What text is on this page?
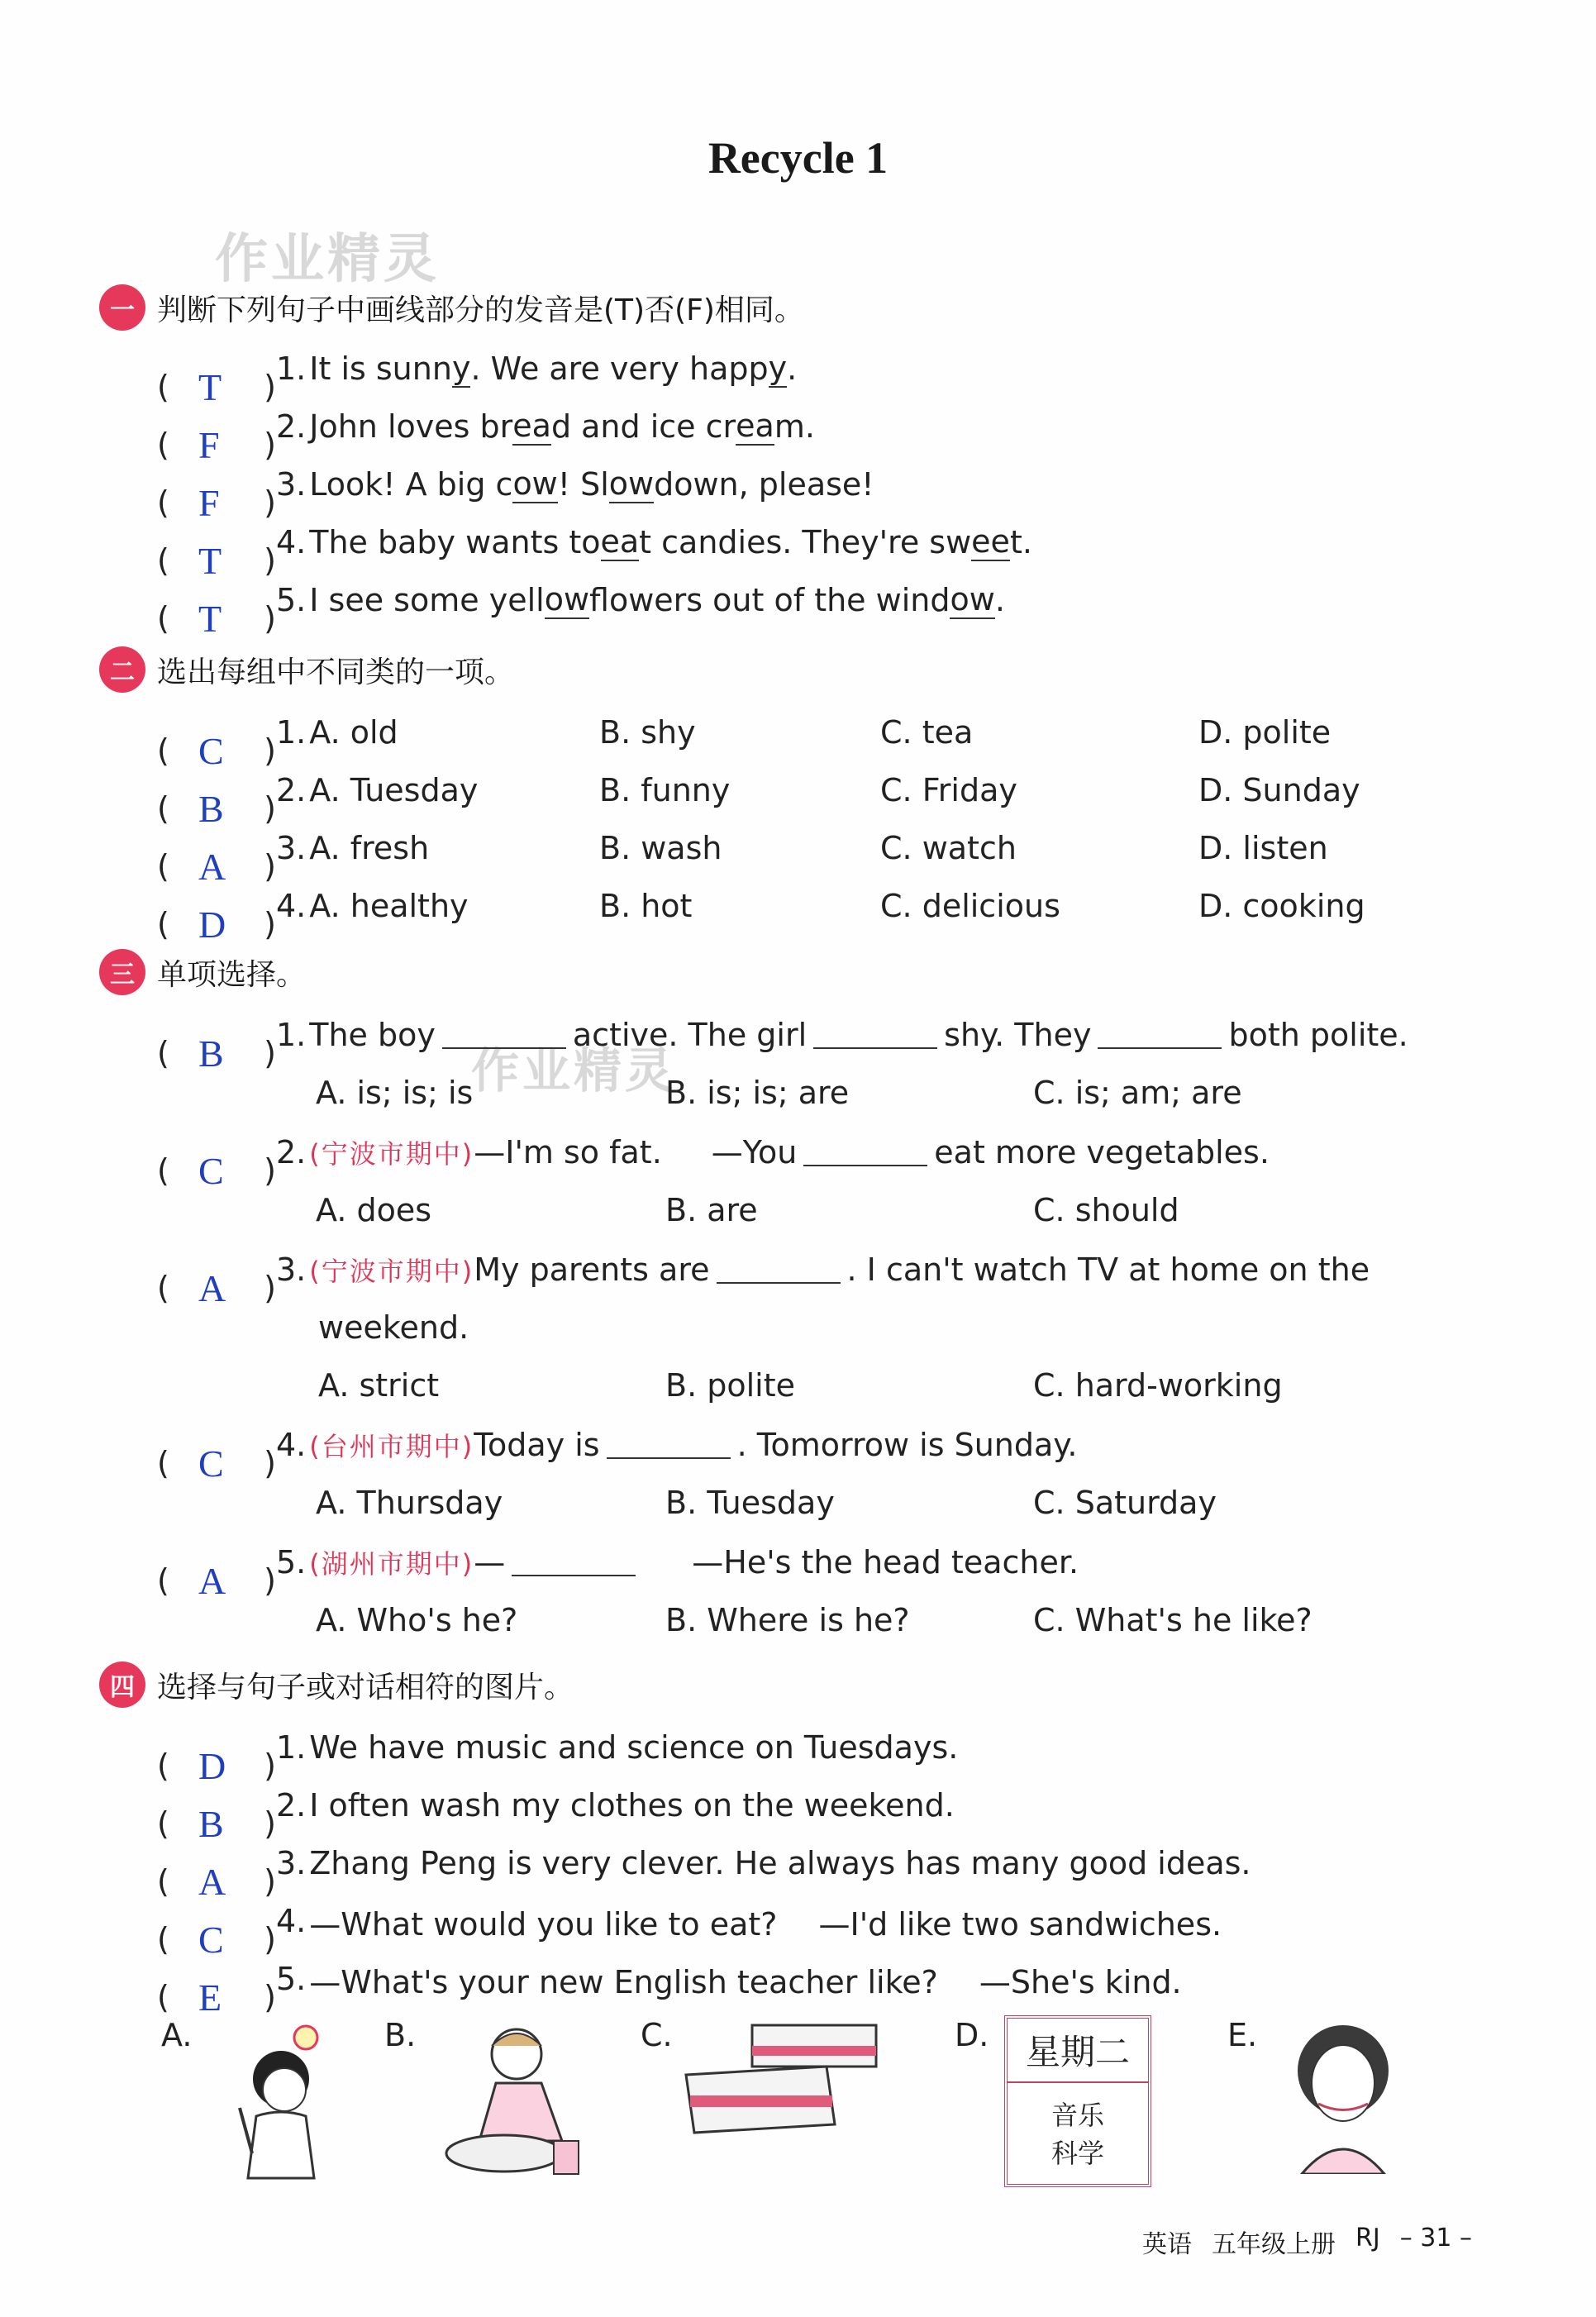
Recycle 1
作业精灵
作业精灵
一 判断下列句子中画线部分的发音是(T)否(F)相同。
( T ) 1. It is sunn y . We are very happ y .
( F ) 2. John loves br ea d and ice cr ea m.
( F ) 3. Look! A big c ow ! Sl ow down, please!
( T ) 4. The baby wants to ea t candies. They're sw ee t.
( T ) 5. I see some yell ow flowers out of the wind ow .
二 选出每组中不同类的一项。
( C ) 1. A. old	B. shy	C. tea	D. polite
( B ) 2. A. Tuesday	B. funny	C. Friday	D. Sunday
( A ) 3. A. fresh	B. wash	C. watch	D. listen
( D ) 4. A. healthy	B. hot	C. delicious	D. cooking
三 单项选择。
( B ) 1. The boy	active. The girl	shy. They	both polite.
A. is; is; is	B. is; is; are	C. is; am; are
( C ) 2. (宁波市期中) —I'm so fat. —You	eat more vegetables.
A. does	B. are	C. should
( A ) 3. (宁波市期中) My parents are	. I can't watch TV at home on the
weekend.
A. strict	B. polite	C. hard-working
( C ) 4. (台州市期中) Today is	. Tomorrow is Sunday.
A. Thursday	B. Tuesday	C. Saturday
( A ) 5. (湖州市期中) —	—He's the head teacher.
A. Who's he?	B. Where is he?	C. What's he like?
四 选择与句子或对话相符的图片。
( D ) 1. We have music and science on Tuesdays.
( B ) 2. I often wash my clothes on the weekend.
( A ) 3. Zhang Peng is very clever. He always has many good ideas.
( C ) 4. —What would you like to eat?　 —I'd like two sandwiches.
( E ) 5. —What's your new English teacher like?　 —She's kind.
A.	B.	C.	D.	星期二
音乐
科学
E.
英语 五年级上册 RJ – 31 –
